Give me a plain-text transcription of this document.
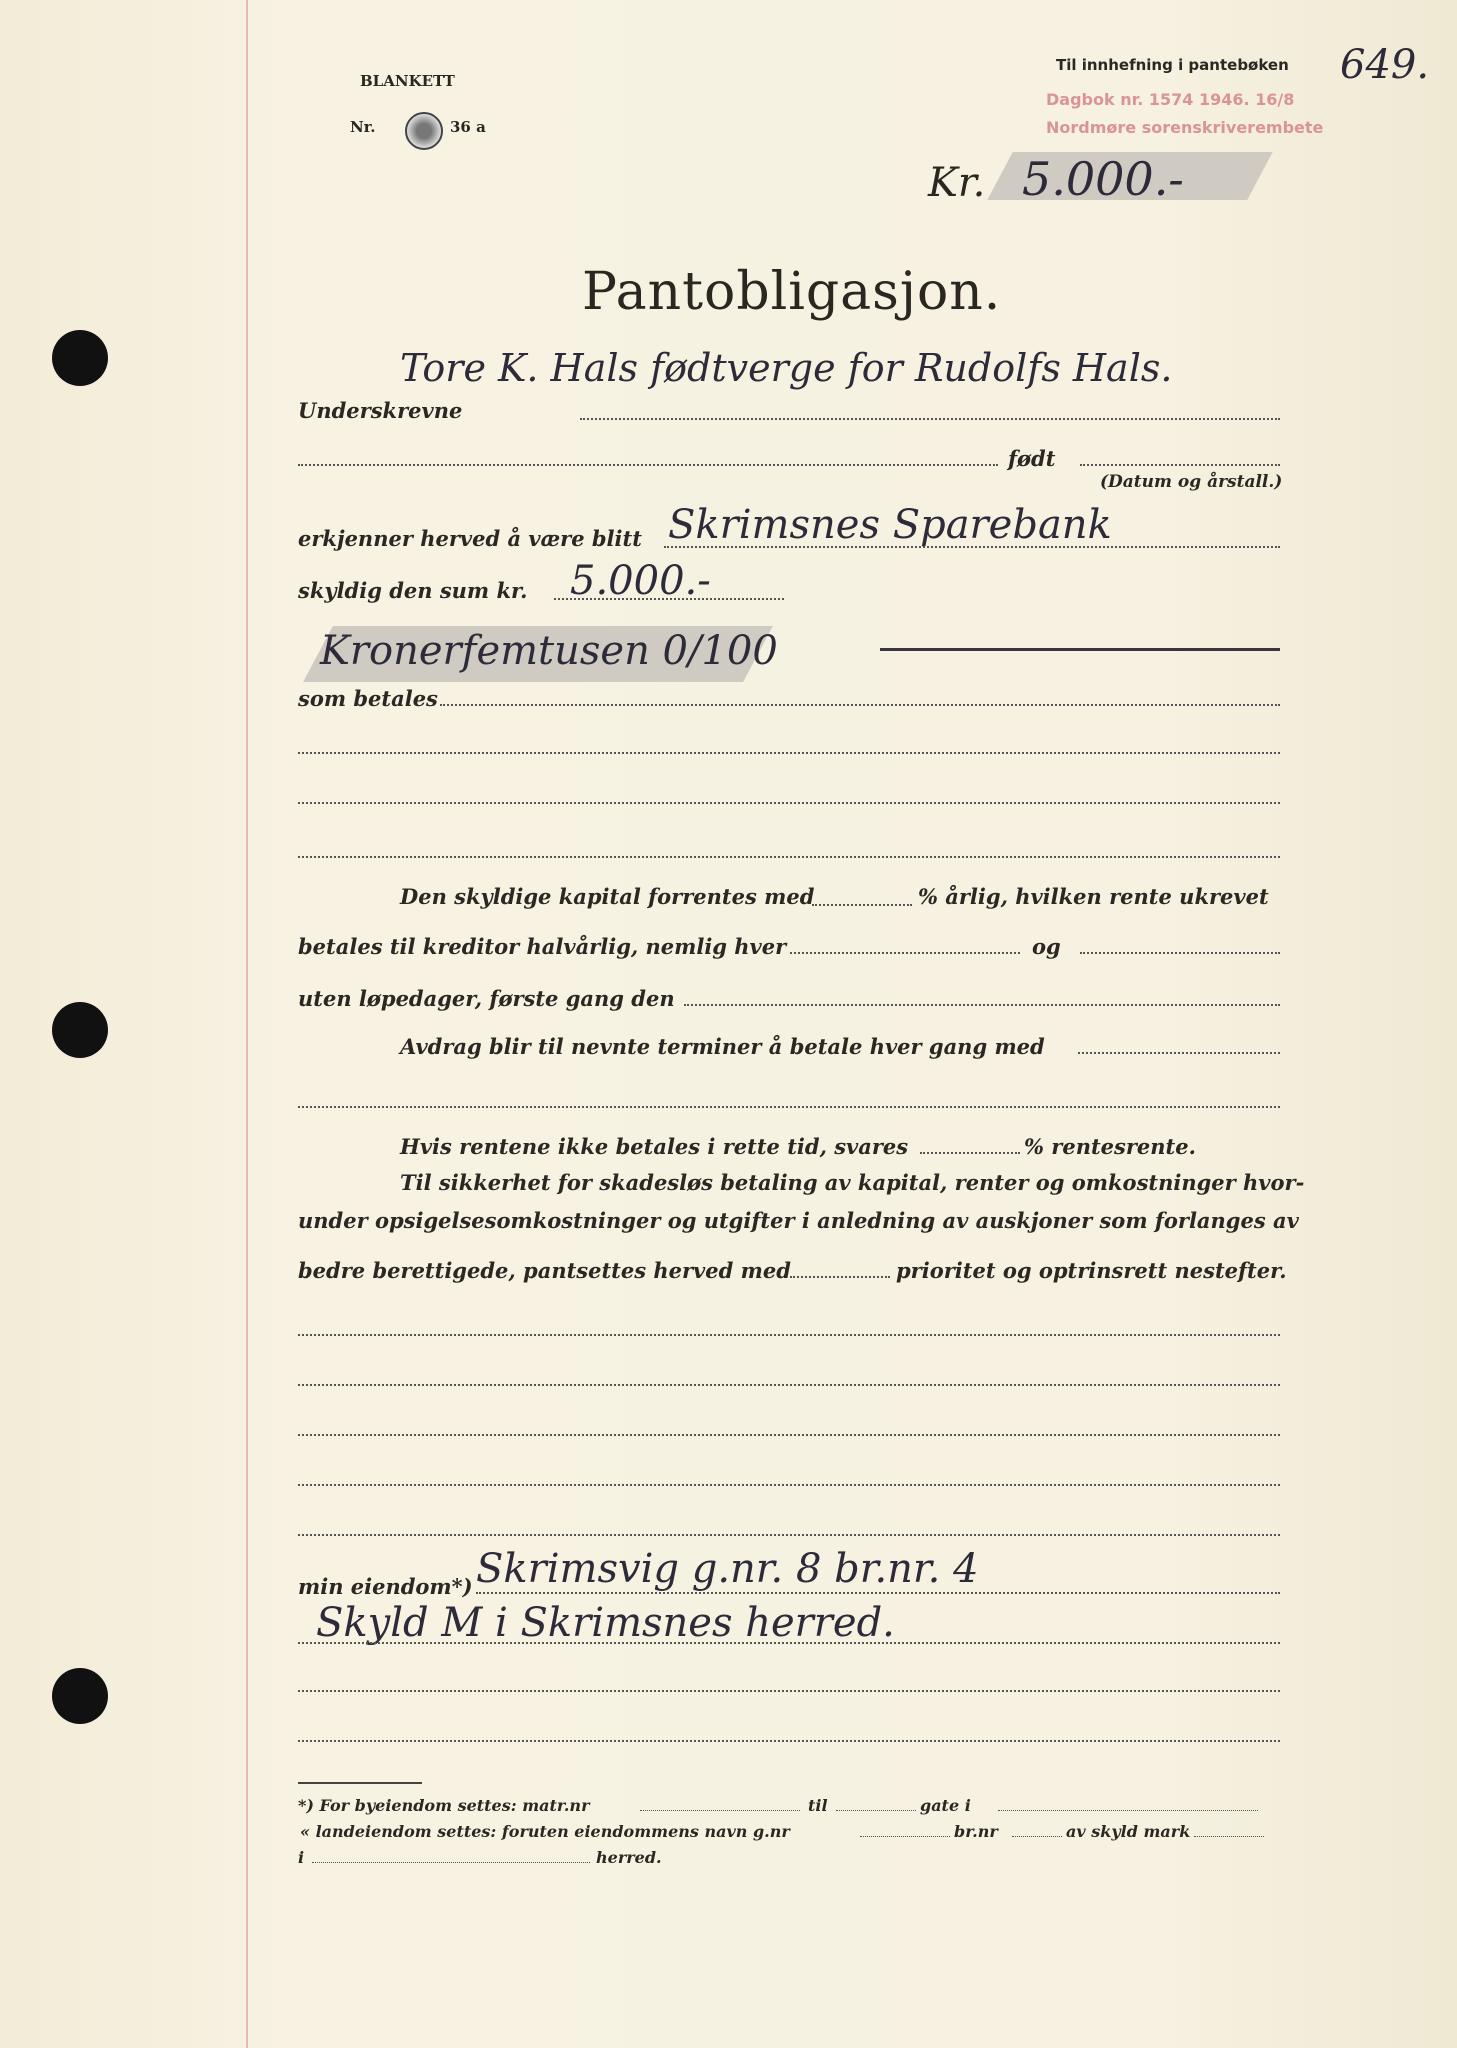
BLANKETT
Nr.	36 a
Til innhefning i pantebøken
Dagbok nr. 1574 1946. 16/8
Nordmøre sorenskriverembete
649.
Kr. 5.000.-
Pantobligasjon.
Tore K. Hals fødtverge for Rudolfs Hals.
Underskrevne
født
(Datum og årstall.)
erkjenner herved å være blitt Skrimsnes Sparebank
skyldig den sum kr. 5.000.-
Kronerfemtusen 0/100
som betales
Den skyldige kapital forrentes med	% årlig, hvilken rente ukrevet
betales til kreditor halvårlig, nemlig hver	og
uten løpedager, første gang den
Avdrag blir til nevnte terminer å betale hver gang med
Hvis rentene ikke betales i rette tid, svares	% rentesrente.
Til sikkerhet for skadesløs betaling av kapital, renter og omkostninger hvor-
under opsigelsesomkostninger og utgifter i anledning av auskjoner som forlanges av
bedre berettigede, pantsettes herved med	prioritet og optrinsrett nestefter.
min eiendom*) Skrimsvig g.nr. 8 br.nr. 4
Skyld M i Skrimsnes herred.
*) For byeiendom settes: matr.nr	til	gate i
« landeiendom settes: foruten eiendommens navn g.nr	br.nr	av skyld mark
i	herred.
